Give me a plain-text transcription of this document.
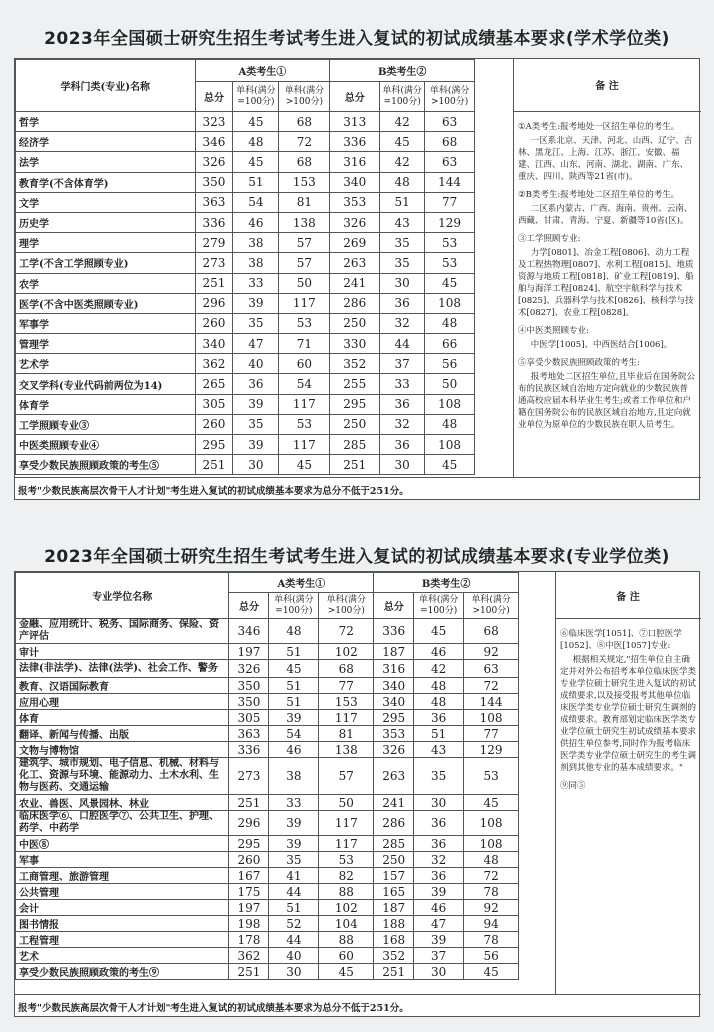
2023年全国硕士研究生招生考试考生进入复试的初试成绩基本要求(学术学位类)
学科门类(专业)名称	A类考生①			B类考生②			
	总分	单科(满分=100分)	单科(满分>100分)	总分	单科(满分=100分)	单科(满分>100分)	
哲学	323	45	68	313	42	63	
经济学	346	48	72	336	45	68	
法学	326	45	68	316	42	63	
教育学(不含体育学)	350	51	153	340	48	144	
文学	363	54	81	353	51	77	
历史学	336	46	138	326	43	129	
理学	279	38	57	269	35	53	
工学(不含工学照顾专业)	273	38	57	263	35	53	
农学	251	33	50	241	30	45	
医学(不含中医类照顾专业)	296	39	117	286	36	108	
军事学	260	35	53	250	32	48	
管理学	340	47	71	330	44	66	
艺术学	362	40	60	352	37	56	
交叉学科(专业代码前两位为14)	265	36	54	255	33	50	
体育学	305	39	117	295	36	108	
工学照顾专业③	260	35	53	250	32	48	
中医类照顾专业④	295	39	117	285	36	108	
享受少数民族照顾政策的考生⑤	251	30	45	251	30	45	
备 注

①A类考生:报考地处一区招生单位的考生。

一区系北京、天津、河北、山西、辽宁、吉林、黑龙江、上海、江苏、浙江、安徽、福建、江西、山东、河南、湖北、湖南、广东、重庆、四川、陕西等21省(市)。

②B类考生:报考地处二区招生单位的考生。

二区系内蒙古、广西、海南、贵州、云南、西藏、甘肃、青海、宁夏、新疆等10省(区)。

③工学照顾专业:

力学[0801]、冶金工程[0806]、动力工程及工程热物理[0807]、水利工程[0815]、地质资源与地质工程[0818]、矿业工程[0819]、船舶与海洋工程[0824]、航空宇航科学与技术[0825]、兵器科学与技术[0826]、核科学与技术[0827]、农业工程[0828]。

④中医类照顾专业:

中医学[1005]、中西医结合[1006]。

⑤享受少数民族照顾政策的考生:

报考地处二区招生单位,且毕业后在国务院公布的民族区域自治地方定向就业的少数民族普通高校应届本科毕业生考生;或者工作单位和户籍在国务院公布的民族区域自治地方,且定向就业单位为原单位的少数民族在职人员考生。

报考"少数民族高层次骨干人才计划"考生进入复试的初试成绩基本要求为总分不低于251分。
2023年全国硕士研究生招生考试考生进入复试的初试成绩基本要求(专业学位类)
专业学位名称	A类考生①			B类考生②			
	总分	单科(满分=100分)	单科(满分>100分)	总分	单科(满分=100分)	单科(满分>100分)	
金融、应用统计、税务、国际商务、保险、资产评估	346	48	72	336	45	68	
审计	197	51	102	187	46	92	
法律(非法学)、法律(法学)、社会工作、警务	326	45	68	316	42	63	
教育、汉语国际教育	350	51	77	340	48	72	
应用心理	350	51	153	340	48	144	
体育	305	39	117	295	36	108	
翻译、新闻与传播、出版	363	54	81	353	51	77	
文物与博物馆	336	46	138	326	43	129	
建筑学、城市规划、电子信息、机械、材料与化工、资源与环境、能源动力、土木水利、生物与医药、交通运输	273	38	57	263	35	53	
农业、兽医、风景园林、林业	251	33	50	241	30	45	
临床医学⑥、口腔医学⑦、公共卫生、护理、药学、中药学	296	39	117	286	36	108	
中医⑧	295	39	117	285	36	108	
军事	260	35	53	250	32	48	
工商管理、旅游管理	167	41	82	157	36	72	
公共管理	175	44	88	165	39	78	
会计	197	51	102	187	46	92	
图书情报	198	52	104	188	47	94	
工程管理	178	44	88	168	39	78	
艺术	362	40	60	352	37	56	
享受少数民族照顾政策的考生⑨	251	30	45	251	30	45	
备 注

⑥临床医学[1051]、⑦口腔医学[1052]、⑧中医[1057]专业:

根据相关规定,"招生单位自主确定并对外公布招考本单位临床医学类专业学位硕士研究生进入复试的初试成绩要求,以及接受报考其他单位临床医学类专业学位硕士研究生调剂的成绩要求。教育部划定临床医学类专业学位硕士研究生初试成绩基本要求供招生单位参考,同时作为报考临床医学类专业学位硕士研究生的考生调剂到其他专业的基本成绩要求。"

⑨同⑤

报考"少数民族高层次骨干人才计划"考生进入复试的初试成绩基本要求为总分不低于251分。
